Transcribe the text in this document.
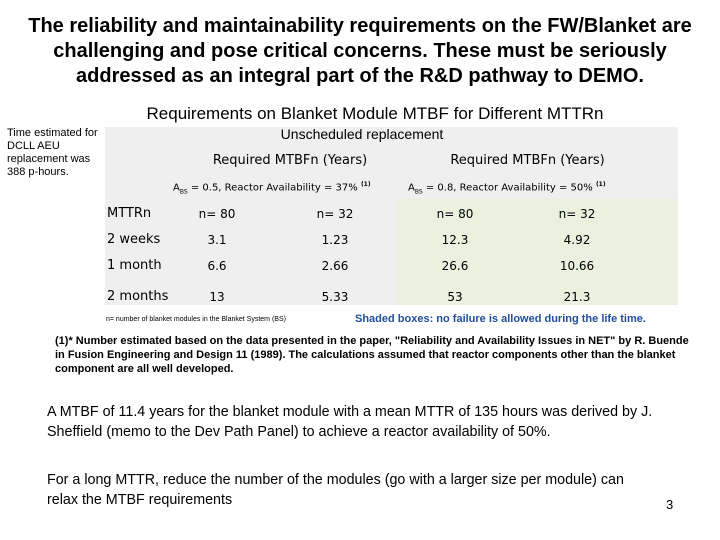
The reliability and maintainability requirements on the FW/Blanket are challenging and pose critical concerns. These must be seriously addressed as an integral part of the R&D pathway to DEMO.
Requirements on Blanket Module MTBF for Different MTTRn
Time estimated for DCLL AEU replacement was 388 p-hours.
Unscheduled replacement
Required MTBFn (Years)	Required MTBFn (Years)
$A_{BS} = 0.5$, Reactor Availability = 37% $^{(1)}$	$A_{BS} = 0.8$, Reactor Availability = 50% $^{(1)}$
MTTRn	n= 80	n= 32	n= 80	n= 32
2 weeks	3.1	1.23	12.3	4.92
1 month	6.6	2.66	26.6	10.66
2 months	13	5.33	53	21.3
n= number of blanket modules in the Blanket System (BS)	Shaded boxes: no failure is allowed during the life time.
(1)* Number estimated based on the data presented in the paper, "Reliability and Availability Issues in NET" by R. Buende in Fusion Engineering and Design 11 (1989). The calculations assumed that reactor components other than the blanket component are all well developed.
A MTBF of 11.4 years for the blanket module with a mean MTTR of 135 hours was derived by J. Sheffield (memo to the Dev Path Panel) to achieve a reactor availability of 50%.
For a long MTTR, reduce the number of the modules (go with a larger size per module) can relax the MTBF requirements	3
